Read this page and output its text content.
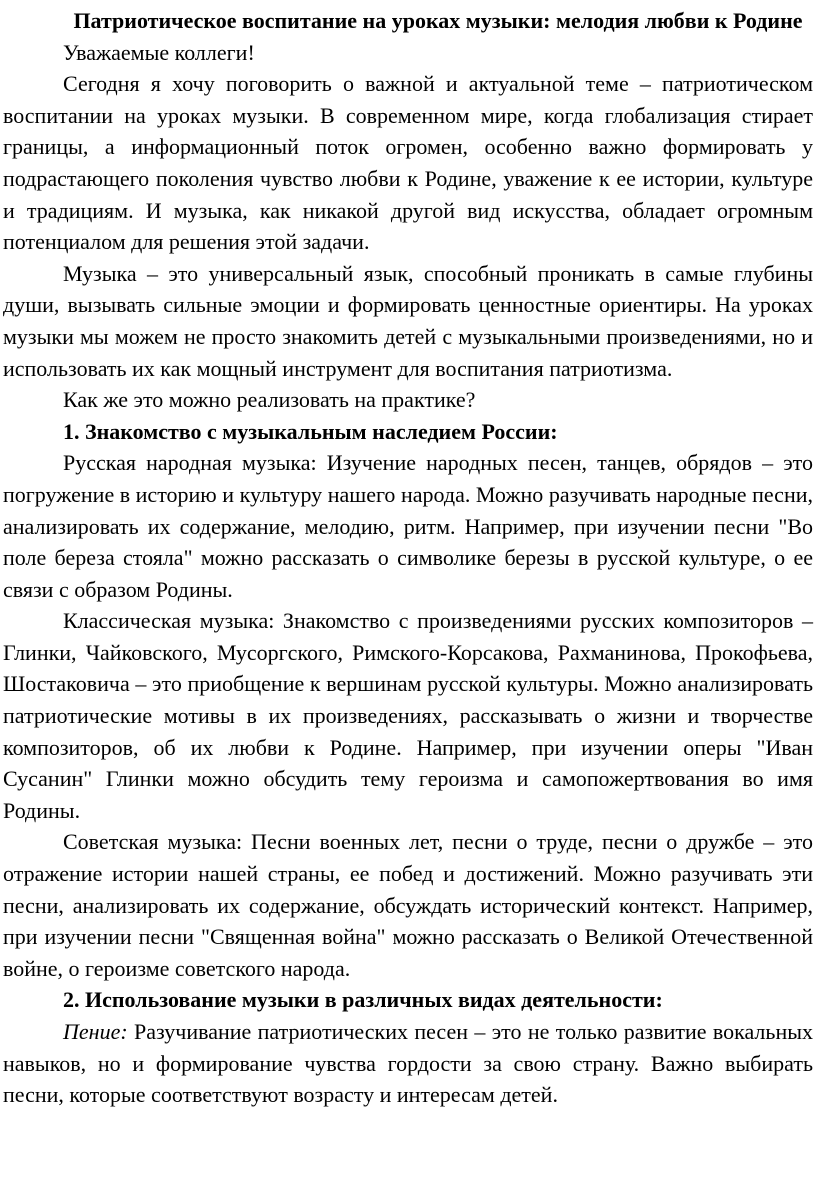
Патриотическое воспитание на уроках музыки: мелодия любви к Родине

Уважаемые коллеги!

Сегодня я хочу поговорить о важной и актуальной теме – патриотическом воспитании на уроках музыки. В современном мире, когда глобализация стирает границы, а информационный поток огромен, особенно важно формировать у подрастающего поколения чувство любви к Родине, уважение к ее истории, культуре и традициям. И музыка, как никакой другой вид искусства, обладает огромным потенциалом для решения этой задачи.

Музыка – это универсальный язык, способный проникать в самые глубины души, вызывать сильные эмоции и формировать ценностные ориентиры. На уроках музыки мы можем не просто знакомить детей с музыкальными произведениями, но и использовать их как мощный инструмент для воспитания патриотизма.

Как же это можно реализовать на практике?

1. Знакомство с музыкальным наследием России:

Русская народная музыка: Изучение народных песен, танцев, обрядов – это погружение в историю и культуру нашего народа. Можно разучивать народные песни, анализировать их содержание, мелодию, ритм. Например, при изучении песни "Во поле береза стояла" можно рассказать о символике березы в русской культуре, о ее связи с образом Родины.

Классическая музыка: Знакомство с произведениями русских композиторов – Глинки, Чайковского, Мусоргского, Римского-Корсакова, Рахманинова, Прокофьева, Шостаковича – это приобщение к вершинам русской культуры. Можно анализировать патриотические мотивы в их произведениях, рассказывать о жизни и творчестве композиторов, об их любви к Родине. Например, при изучении оперы "Иван Сусанин" Глинки можно обсудить тему героизма и самопожертвования во имя Родины.

Советская музыка: Песни военных лет, песни о труде, песни о дружбе – это отражение истории нашей страны, ее побед и достижений. Можно разучивать эти песни, анализировать их содержание, обсуждать исторический контекст. Например, при изучении песни "Священная война" можно рассказать о Великой Отечественной войне, о героизме советского народа.

2. Использование музыки в различных видах деятельности:

Пение: Разучивание патриотических песен – это не только развитие вокальных навыков, но и формирование чувства гордости за свою страну. Важно выбирать песни, которые соответствуют возрасту и интересам детей.
